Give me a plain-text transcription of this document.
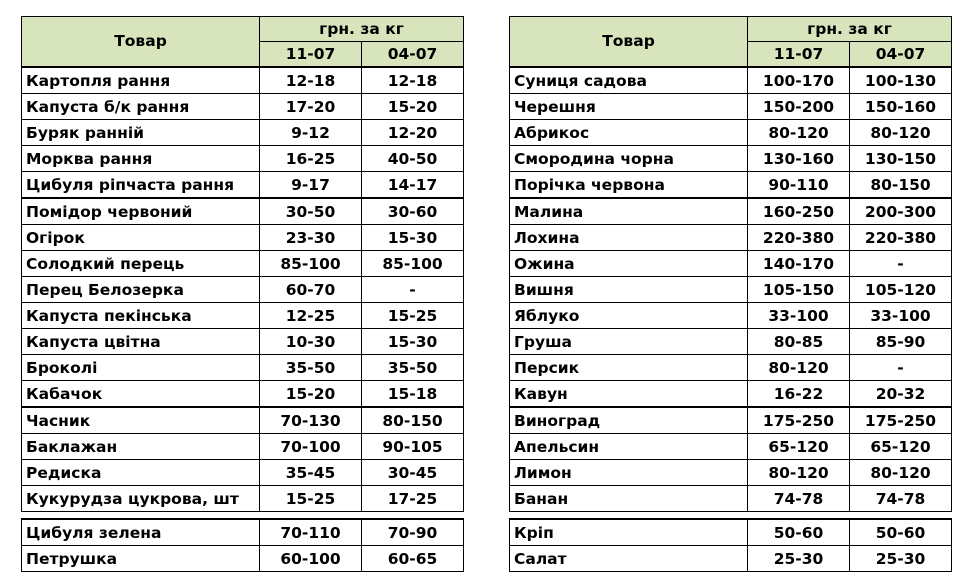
Товар	грн. за кг	
	11-07	04-07
Картопля рання	12-18	12-18
Капуста б/к рання	17-20	15-20
Буряк ранній	9-12	12-20
Морква рання	16-25	40-50
Цибуля ріпчаста рання	9-17	14-17
Помідор червоний	30-50	30-60
Огірок	23-30	15-30
Солодкий перець	85-100	85-100
Перец Белозерка	60-70	-
Капуста пекінська	12-25	15-25
Капуста цвітна	10-30	15-30
Броколі	35-50	35-50
Кабачок	15-20	15-18
Часник	70-130	80-150
Баклажан	70-100	90-105
Редиска	35-45	30-45
Кукурудза цукрова, шт	15-25	17-25
Товар	грн. за кг	
	11-07	04-07
Суниця садова	100-170	100-130
Черешня	150-200	150-160
Абрикос	80-120	80-120
Смородина чорна	130-160	130-150
Порічка червона	90-110	80-150
Малина	160-250	200-300
Лохина	220-380	220-380
Ожина	140-170	-
Вишня	105-150	105-120
Яблуко	33-100	33-100
Груша	80-85	85-90
Персик	80-120	-
Кавун	16-22	20-32
Виноград	175-250	175-250
Апельсин	65-120	65-120
Лимон	80-120	80-120
Банан	74-78	74-78
Цибуля зелена	70-110	70-90
Петрушка	60-100	60-65
Кріп	50-60	50-60
Салат	25-30	25-30
